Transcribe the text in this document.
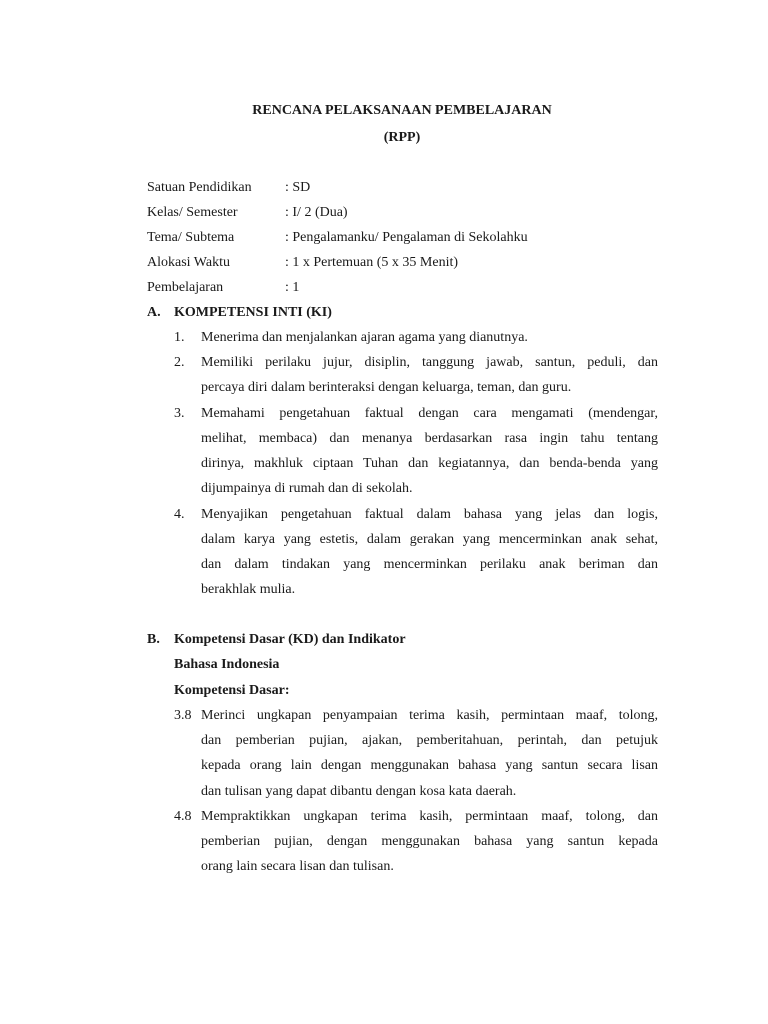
RENCANA PELAKSANAAN PEMBELAJARAN
(RPP)
Satuan Pendidikan : SD
Kelas/ Semester	: I/ 2 (Dua)
Tema/ Subtema	: Pengalamanku/ Pengalaman di Sekolahku
Alokasi Waktu	: 1 x Pertemuan (5 x 35 Menit)
Pembelajaran	: 1
A. KOMPETENSI INTI (KI)
1. Menerima dan menjalankan ajaran agama yang dianutnya.
2. Memiliki perilaku jujur, disiplin, tanggung jawab, santun, peduli, dan
percaya diri dalam berinteraksi dengan keluarga, teman, dan guru.
3. Memahami pengetahuan faktual dengan cara mengamati (mendengar,
melihat, membaca) dan menanya berdasarkan rasa ingin tahu tentang
dirinya, makhluk ciptaan Tuhan dan kegiatannya, dan benda-benda yang
dijumpainya di rumah dan di sekolah.
4. Menyajikan pengetahuan faktual dalam bahasa yang jelas dan logis,
dalam karya yang estetis, dalam gerakan yang mencerminkan anak sehat,
dan dalam tindakan yang mencerminkan perilaku anak beriman dan
berakhlak mulia.
B. Kompetensi Dasar (KD) dan Indikator
Bahasa Indonesia
Kompetensi Dasar:
3.8 Merinci ungkapan penyampaian terima kasih, permintaan maaf, tolong,
dan pemberian pujian, ajakan, pemberitahuan, perintah, dan petujuk
kepada orang lain dengan menggunakan bahasa yang santun secara lisan
dan tulisan yang dapat dibantu dengan kosa kata daerah.
4.8 Mempraktikkan ungkapan terima kasih, permintaan maaf, tolong, dan
pemberian pujian, dengan menggunakan bahasa yang santun kepada
orang lain secara lisan dan tulisan.
